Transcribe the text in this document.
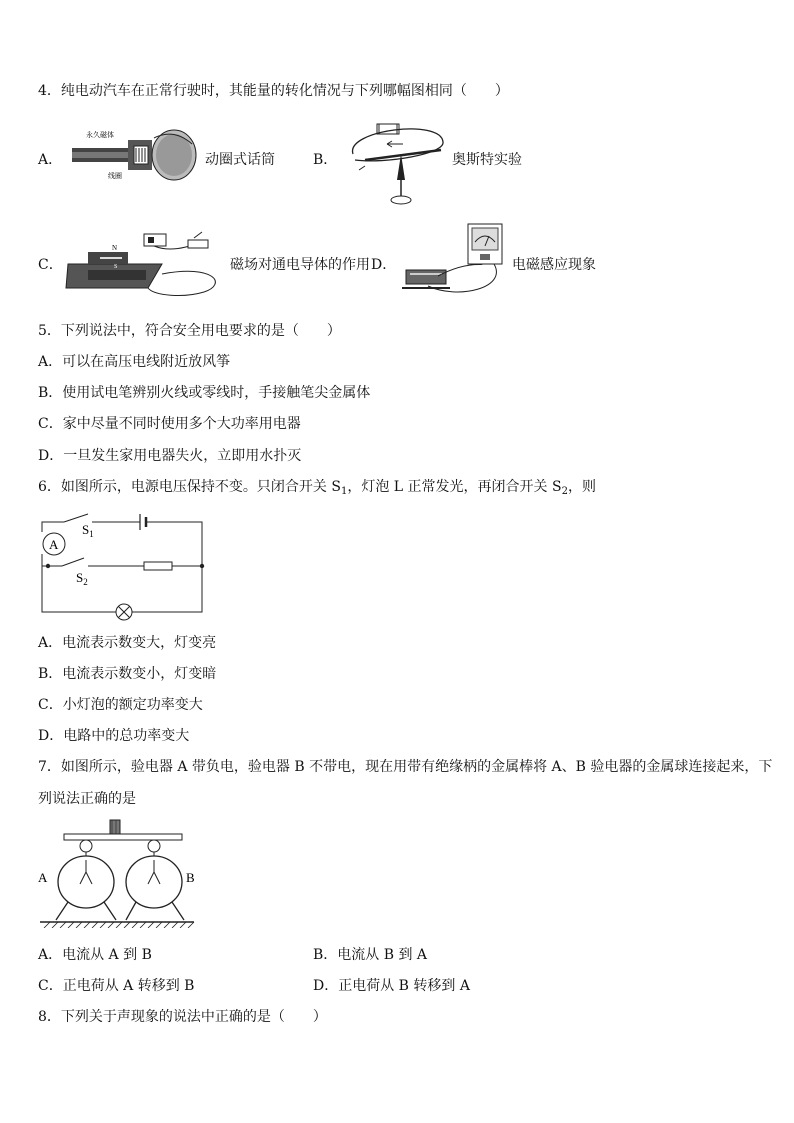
4．纯电动汽车在正常行驶时，其能量的转化情况与下列哪幅图相同（　　）
A．
永久磁体
线圈
动圈式话筒	B．	奥斯特实验
C．
N
S	磁场对通电导体的作用 D．	电磁感应现象
5．下列说法中，符合安全用电要求的是（　　）
A．可以在高压电线附近放风筝
B．使用试电笔辨别火线或零线时，手接触笔尖金属体
C．家中尽量不同时使用多个大功率用电器
D．一旦发生家用电器失火，立即用水扑灭
6．如图所示，电源电压保持不变。只闭合开关 $S_1$，灯泡 L 正常发光，再闭合开关 $S_2$，则
A
$S_1$
$S_2$
A．电流表示数变大，灯变亮
B．电流表示数变小，灯变暗
C．小灯泡的额定功率变大
D．电路中的总功率变大
7．如图所示，验电器 A 带负电，验电器 B 不带电，现在用带有绝缘柄的金属棒将 A、B 验电器的金属球连接起来，下
列说法正确的是
A	B
A．电流从 A 到 B	B．电流从 B 到 A
C．正电荷从 A 转移到 B	D．正电荷从 B 转移到 A
8．下列关于声现象的说法中正确的是（　　）
